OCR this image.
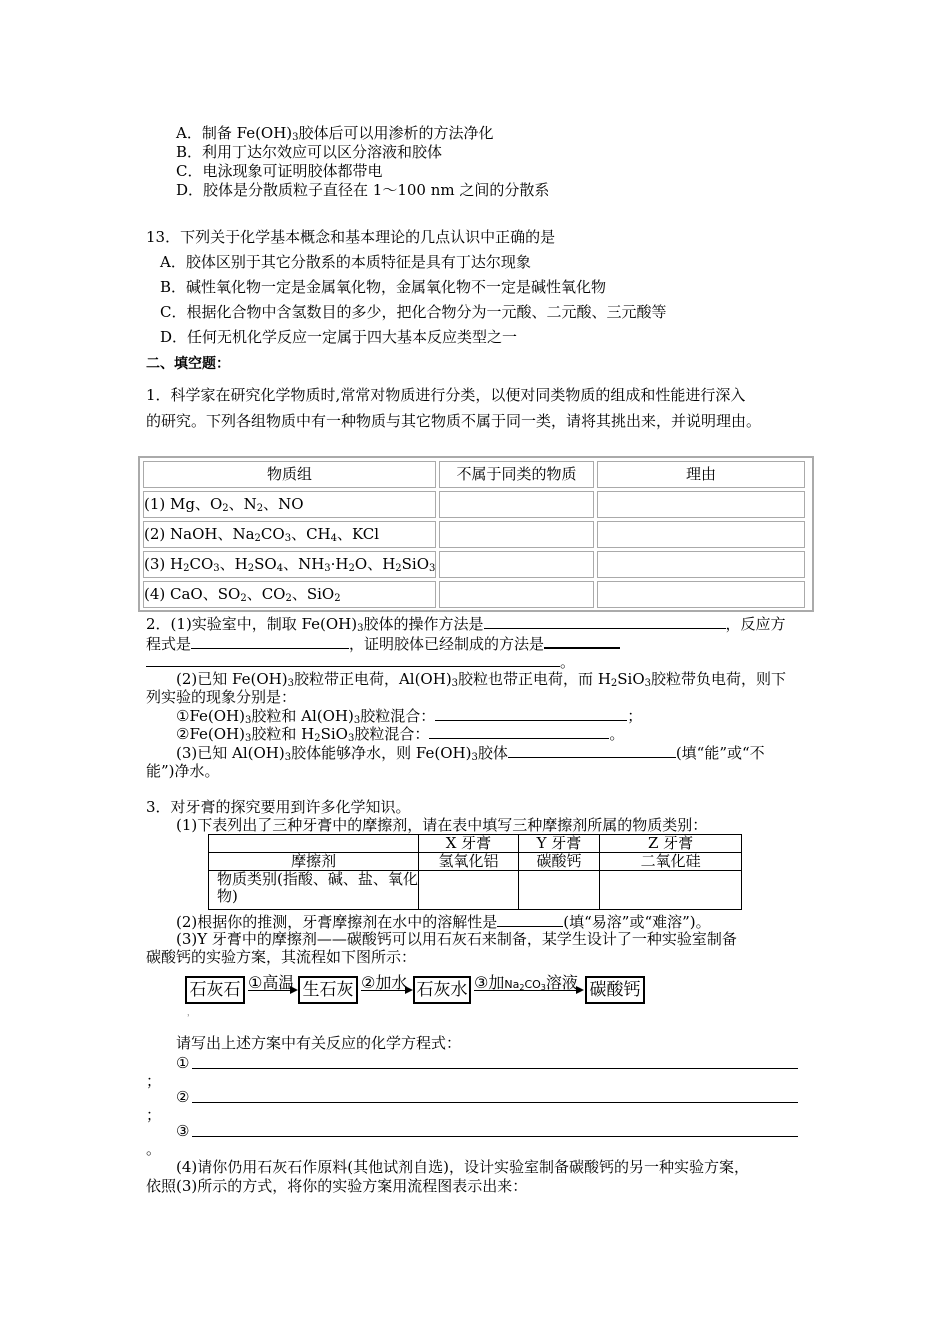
A．制备 $Fe(OH)_3$胶体后可以用渗析的方法净化
B．利用丁达尔效应可以区分溶液和胶体
C．电泳现象可证明胶体都带电
D．胶体是分散质粒子直径在 1～100 nm 之间的分散系
13．下列关于化学基本概念和基本理论的几点认识中正确的是
A．胶体区别于其它分散系的本质特征是具有丁达尔现象
B．碱性氧化物一定是金属氧化物，金属氧化物不一定是碱性氧化物
C．根据化合物中含氢数目的多少，把化合物分为一元酸、二元酸、三元酸等
D．任何无机化学反应一定属于四大基本反应类型之一
二、填空题：
1．科学家在研究化学物质时,常常对物质进行分类，以便对同类物质的组成和性能进行深入
的研究。下列各组物质中有一种物质与其它物质不属于同一类，请将其挑出来，并说明理由。
物质组	不属于同类的物质	理由
(1) Mg、$O_2$、$N_2$、NO
(2) NaOH、$Na_2CO_3$、$CH_4$、KCl
(3) $H_2CO_3$、$H_2SO_4$、$NH_3\cdot H_2O$、$H_2SiO_3$
(4) CaO、$SO_2$、$CO_2$、SiO$_2$
2．(1)实验室中，制取 $Fe(OH)_3$胶体的操作方法是	，反应方
程式是	，证明胶体已经制成的方法是
。
(2)已知 $Fe(OH)_3$胶粒带正电荷，$Al(OH)_3$胶粒也带正电荷，而 $H_2SiO_3$胶粒带负电荷，则下
列实验的现象分别是：
$①Fe(OH)_3$胶粒和 $Al(OH)_3$胶粒混合：	；
$②Fe(OH)_3$胶粒和 $H_2SiO_3$胶粒混合：	。
(3)已知 $Al(OH)_3$胶体能够净水，则 $Fe(OH)_3$胶体	(填“能”或“不
能”)净水。
3．对牙膏的探究要用到许多化学知识。
(1)下表列出了三种牙膏中的摩擦剂，请在表中填写三种摩擦剂所属的物质类别：
	X 牙膏	Y 牙膏	Z 牙膏
摩擦剂	氢氧化铝	碳酸钙	二氧化硅
物质类别(指酸、碱、盐、氧化物)			
(2)根据你的推测，牙膏摩擦剂在水中的溶解性是	(填“易溶”或“难溶”)。
(3)Y 牙膏中的摩擦剂——碳酸钙可以用石灰石来制备，某学生设计了一种实验室制备
碳酸钙的实验方案，其流程如下图所示：
石灰石 ①高温 生石灰 ②加水 石灰水 ③加$Na_2CO_3$溶液 碳酸钙
，
请写出上述方案中有关反应的化学方程式：
①
；
②
；
③
。
(4)请你仍用石灰石作原料(其他试剂自选)，设计实验室制备碳酸钙的另一种实验方案，
依照(3)所示的方式，将你的实验方案用流程图表示出来：
